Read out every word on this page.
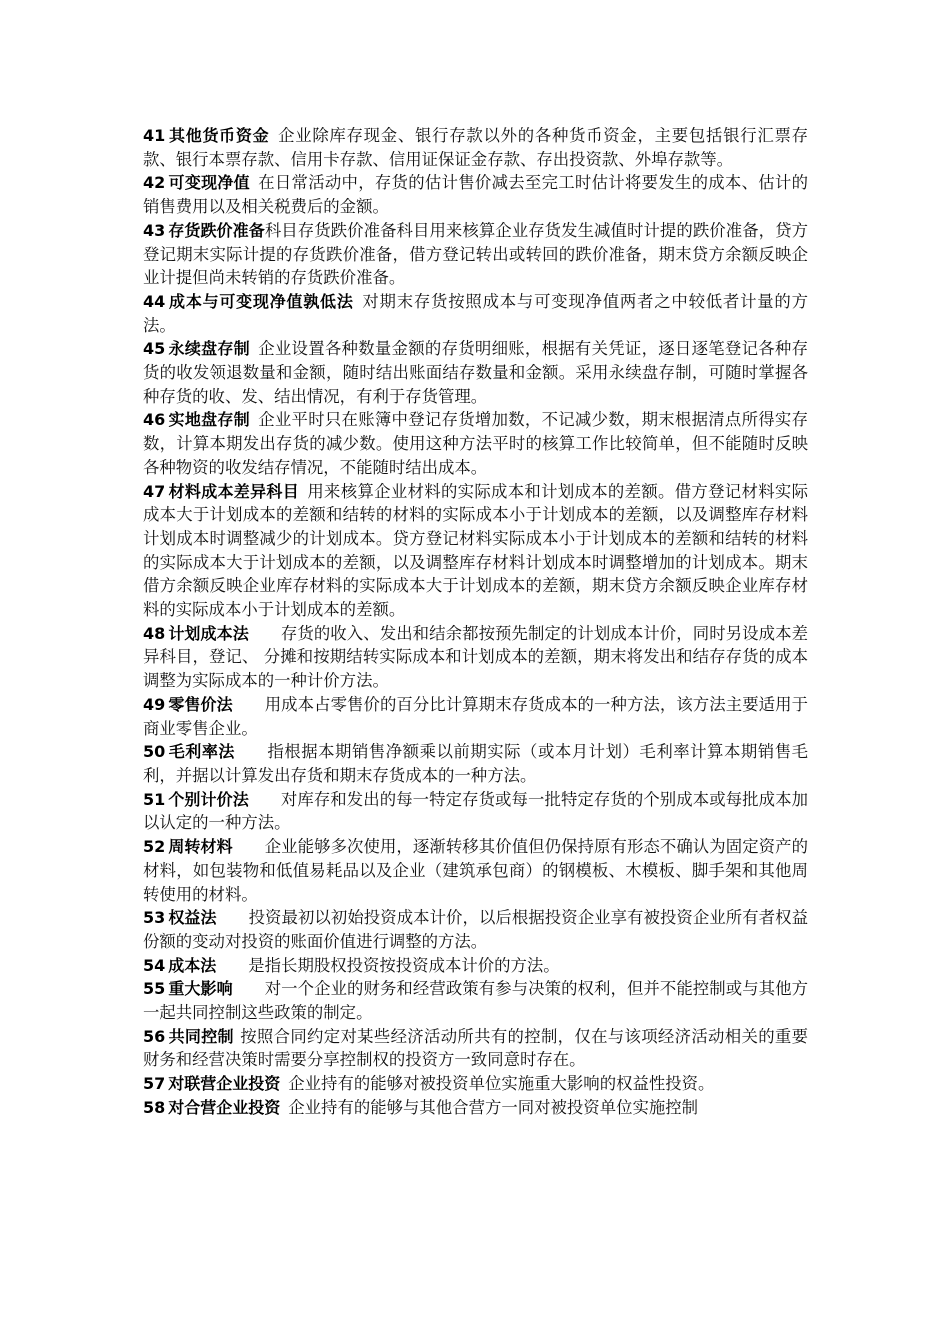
41 其他货币资金 企业除库存现金、银行存款以外的各种货币资金，主要包括银行汇票存款、银行本票存款、信用卡存款、信用证保证金存款、存出投资款、外埠存款等。

42 可变现净值 在日常活动中，存货的估计售价减去至完工时估计将要发生的成本、估计的销售费用以及相关税费后的金额。

43 存货跌价准备科目存货跌价准备科目用来核算企业存货发生减值时计提的跌价准备，贷方登记期末实际计提的存货跌价准备，借方登记转出或转回的跌价准备，期末贷方余额反映企业计提但尚未转销的存货跌价准备。

44 成本与可变现净值孰低法 对期末存货按照成本与可变现净值两者之中较低者计量的方法。

45 永续盘存制 企业设置各种数量金额的存货明细账，根据有关凭证，逐日逐笔登记各种存货的收发领退数量和金额，随时结出账面结存数量和金额。采用永续盘存制，可随时掌握各种存货的收、发、结出情况，有利于存货管理。

46 实地盘存制 企业平时只在账簿中登记存货增加数，不记减少数，期末根据清点所得实存数，计算本期发出存货的减少数。使用这种方法平时的核算工作比较简单，但不能随时反映各种物资的收发结存情况，不能随时结出成本。

47 材料成本差异科目 用来核算企业材料的实际成本和计划成本的差额。借方登记材料实际成本大于计划成本的差额和结转的材料的实际成本小于计划成本的差额，以及调整库存材料计划成本时调整减少的计划成本。贷方登记材料实际成本小于计划成本的差额和结转的材料的实际成本大于计划成本的差额，以及调整库存材料计划成本时调整增加的计划成本。期末借方余额反映企业库存材料的实际成本大于计划成本的差额，期末贷方余额反映企业库存材料的实际成本小于计划成本的差额。

48 计划成本法 存货的收入、发出和结余都按预先制定的计划成本计价，同时另设成本差异科目，登记、 分摊和按期结转实际成本和计划成本的差额，期末将发出和结存存货的成本调整为实际成本的一种计价方法。

49 零售价法 用成本占零售价的百分比计算期末存货成本的一种方法，该方法主要适用于商业零售企业。

50 毛利率法 指根据本期销售净额乘以前期实际（或本月计划）毛利率计算本期销售毛利，并据以计算发出存货和期末存货成本的一种方法。

51 个别计价法 对库存和发出的每一特定存货或每一批特定存货的个别成本或每批成本加以认定的一种方法。

52 周转材料 企业能够多次使用，逐渐转移其价值但仍保持原有形态不确认为固定资产的材料，如包装物和低值易耗品以及企业（建筑承包商）的钢模板、木模板、脚手架和其他周转使用的材料。

53 权益法 投资最初以初始投资成本计价，以后根据投资企业享有被投资企业所有者权益份额的变动对投资的账面价值进行调整的方法。

54 成本法 是指长期股权投资按投资成本计价的方法。

55 重大影响 对一个企业的财务和经营政策有参与决策的权利，但并不能控制或与其他方一起共同控制这些政策的制定。

56 共同控制 按照合同约定对某些经济活动所共有的控制，仅在与该项经济活动相关的重要财务和经营决策时需要分享控制权的投资方一致同意时存在。

57 对联营企业投资 企业持有的能够对被投资单位实施重大影响的权益性投资。

58 对合营企业投资 企业持有的能够与其他合营方一同对被投资单位实施控制
